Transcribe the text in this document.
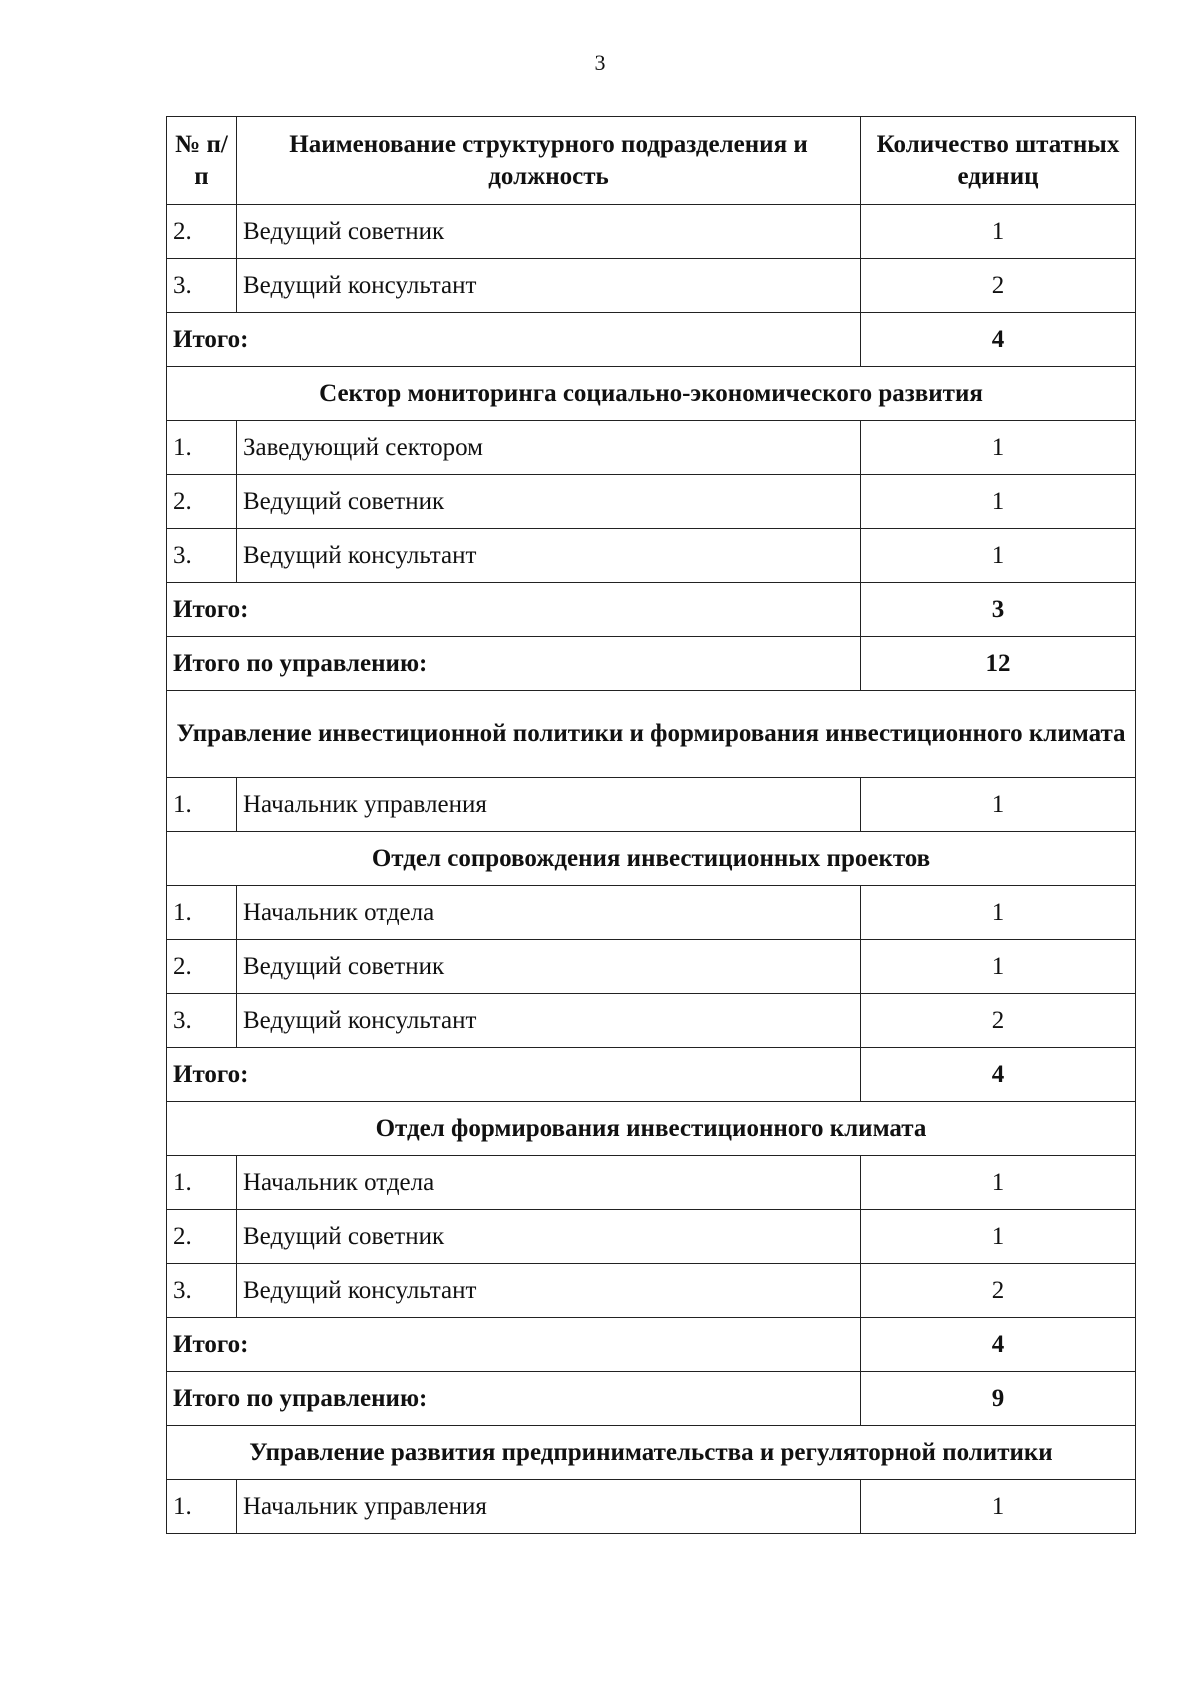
3
№ п/п	Наименование структурного подразделения и должность	Количество штатных единиц
2.	Ведущий советник	1
3.	Ведущий консультант	2
Итого:		4
Сектор мониторинга социально-экономического развития		
1.	Заведующий сектором	1
2.	Ведущий советник	1
3.	Ведущий консультант	1
Итого:		3
Итого по управлению:		12
Управление инвестиционной политики и формирования инвестиционного климата		
1.	Начальник управления	1
Отдел сопровождения инвестиционных проектов		
1.	Начальник отдела	1
2.	Ведущий советник	1
3.	Ведущий консультант	2
Итого:		4
Отдел формирования инвестиционного климата		
1.	Начальник отдела	1
2.	Ведущий советник	1
3.	Ведущий консультант	2
Итого:		4
Итого по управлению:		9
Управление развития предпринимательства и регуляторной политики		
1.	Начальник управления	1
